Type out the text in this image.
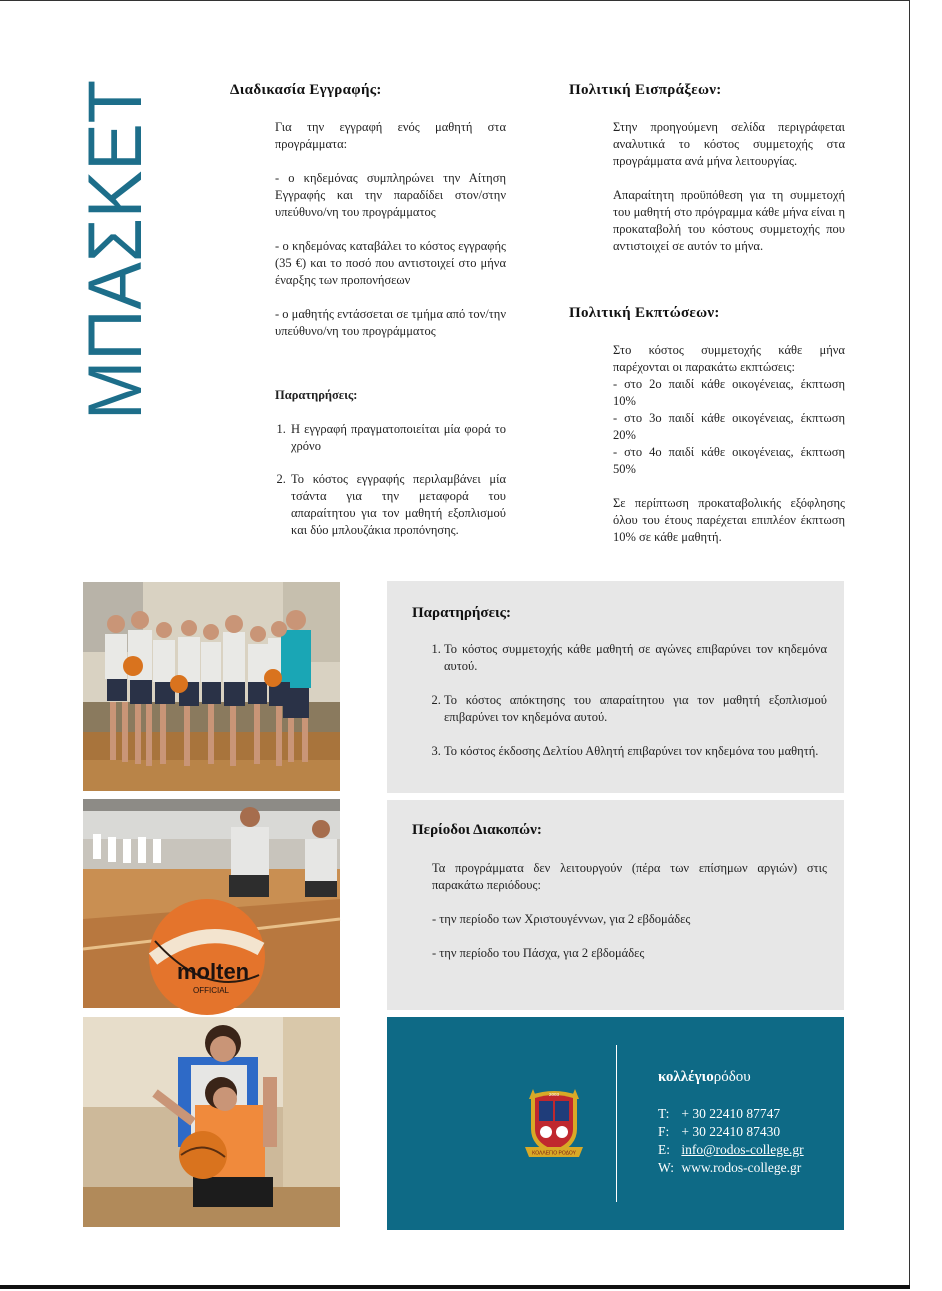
ΜΠΑΣΚΕΤ	Διαδικασία Εγγραφής:

Για την εγγραφή ενός μαθητή στα προγράμματα:

- ο κηδεμόνας συμπληρώνει την Αίτηση Εγγραφής και την παραδίδει στον/στην υπεύθυνο/νη του προγράμματος

- ο κηδεμόνας καταβάλει το κόστος εγγραφής (35 €) και το ποσό που αντιστοιχεί στο μήνα έναρξης των προπονήσεων

- ο μαθητής εντάσσεται σε τμήμα από τον/την υπεύθυνο/νη του προγράμματος

Παρατηρήσεις:
1. Η εγγραφή πραγματοποιείται μία φορά το χρόνο
2. Το κόστος εγγραφής περιλαμβάνει μία τσάντα για την μεταφορά του απαραίτητου για τον μαθητή εξοπλισμού και δύο μπλουζάκια προπόνησης.
Πολιτική Εισπράξεων:

Στην προηγούμενη σελίδα περιγράφεται αναλυτικά το κόστος συμμετοχής στα προγράμματα ανά μήνα λειτουργίας.

Απαραίτητη προϋπόθεση για τη συμμετοχή του μαθητή στο πρόγραμμα κάθε μήνα είναι η προκαταβολή του κόστους συμμετοχής που αντιστοιχεί σε αυτόν το μήνα.

Πολιτική Εκπτώσεων:

Στο κόστος συμμετοχής κάθε μήνα παρέχονται οι παρακάτω εκπτώσεις:

- στο 2ο παιδί κάθε οικογένειας, έκπτωση 10%

- στο 3ο παιδί κάθε οικογένειας, έκπτωση 20%

- στο 4ο παιδί κάθε οικογένειας, έκπτωση 50%

Σε περίπτωση προκαταβολικής εξόφλησης όλου του έτους παρέχεται επιπλέον έκπτωση 10% σε κάθε μαθητή.

molten
OFFICIAL
Παρατηρήσεις:
1. Το κόστος συμμετοχής κάθε μαθητή σε αγώνες επιβαρύνει τον κηδεμόνα αυτού.
2. Το κόστος απόκτησης του απαραίτητου για τον μαθητή εξοπλισμού επιβαρύνει τον κηδεμόνα αυτού.
3. Το κόστος έκδοσης Δελτίου Αθλητή επιβαρύνει τον κηδεμόνα του μαθητή.
Περίοδοι Διακοπών:

Τα προγράμματα δεν λειτουργούν (πέρα των επίσημων αργιών) στις παρακάτω περιόδους:

- την περίοδο των Χριστουγέννων, για 2 εβδομάδες

- την περίοδο του Πάσχα, για 2 εβδομάδες

2003
ΚΟΛΛΕΓΙΟ ΡΟΔΟΥ

κολλέγιορόδου

T: + 30 22410 87747
F: + 30 22410 87430
E: info@rodos-college.gr
W: www.rodos-college.gr
